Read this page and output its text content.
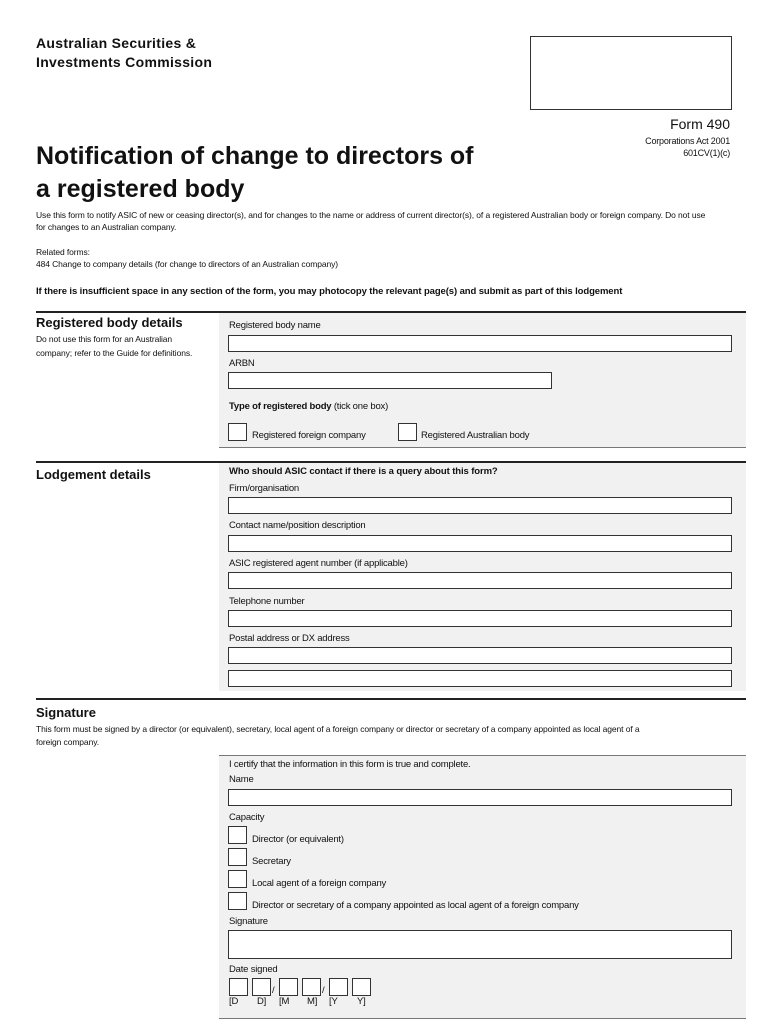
Australian Securities &
Investments Commission
Form 490
Corporations Act 2001
601CV(1)(c)
Notification of change to directors of
a registered body
Use this form to notify ASIC of new or ceasing director(s), and for changes to the name or address of current director(s), of a registered Australian body or foreign company. Do not use
for changes to an Australian company.
Related forms:
484 Change to company details (for change to directors of an Australian company)
If there is insufficient space in any section of the form, you may photocopy the relevant page(s) and submit as part of this lodgement
Registered body details
Do not use this form for an Australian
company; refer to the Guide for definitions.
Registered body name
ARBN
Type of registered body (tick one box)
Registered foreign company	Registered Australian body
Lodgement details	Who should ASIC contact if there is a query about this form?
Firm/organisation
Contact name/position description
ASIC registered agent number (if applicable)
Telephone number
Postal address or DX address
Signature
This form must be signed by a director (or equivalent), secretary, local agent of a foreign company or director or secretary of a company appointed as local agent of a
foreign company.
I certify that the information in this form is true and complete.
Name
Capacity
Director (or equivalent)
Secretary
Local agent of a foreign company
Director or secretary of a company appointed as local agent of a foreign company
Signature
Date signed
/	/
[D D] [M M] [Y Y]
